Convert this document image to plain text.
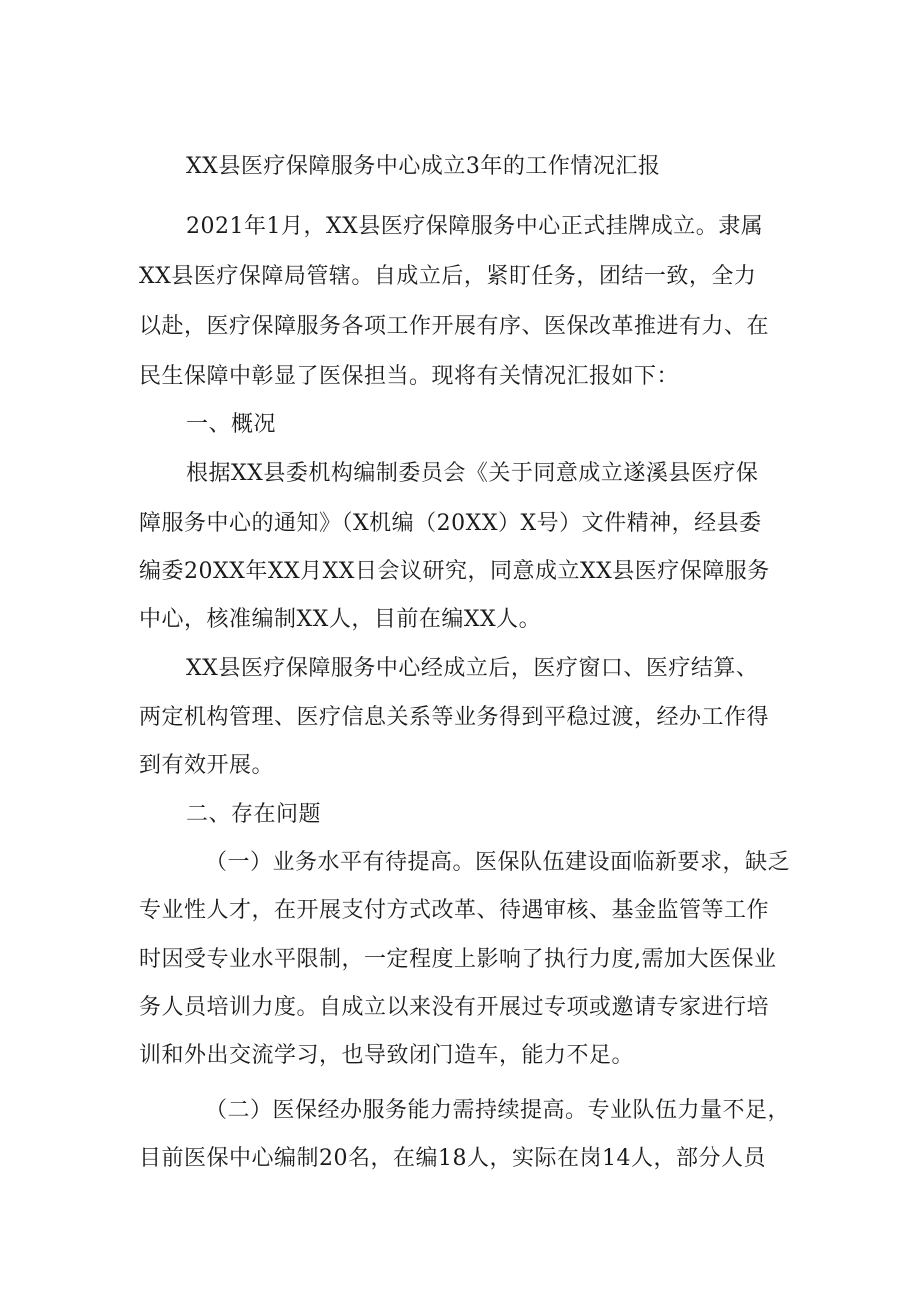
XX县医疗保障服务中心成立3年的工作情况汇报
2021年1月，XX县医疗保障服务中心正式挂牌成立。隶属
XX县医疗保障局管辖。自成立后，紧盯任务，团结一致，全力
以赴，医疗保障服务各项工作开展有序、医保改革推进有力、在
民生保障中彰显了医保担当。现将有关情况汇报如下：
一、概况
根据XX县委机构编制委员会《关于同意成立遂溪县医疗保
障服务中心的通知》（X机编（20XX）X号）文件精神，经县委
编委20XX年XX月XX日会议研究，同意成立XX县医疗保障服务
中心，核准编制XX人，目前在编XX人。
XX县医疗保障服务中心经成立后，医疗窗口、医疗结算、
两定机构管理、医疗信息关系等业务得到平稳过渡，经办工作得
到有效开展。
二、存在问题
（一）业务水平有待提高。医保队伍建设面临新要求，缺乏
专业性人才，在开展支付方式改革、待遇审核、基金监管等工作
时因受专业水平限制，一定程度上影响了执行力度,需加大医保业
务人员培训力度。自成立以来没有开展过专项或邀请专家进行培
训和外出交流学习，也导致闭门造车，能力不足。
（二）医保经办服务能力需持续提高。专业队伍力量不足，
目前医保中心编制20名，在编18人，实际在岗14人，部分人员
